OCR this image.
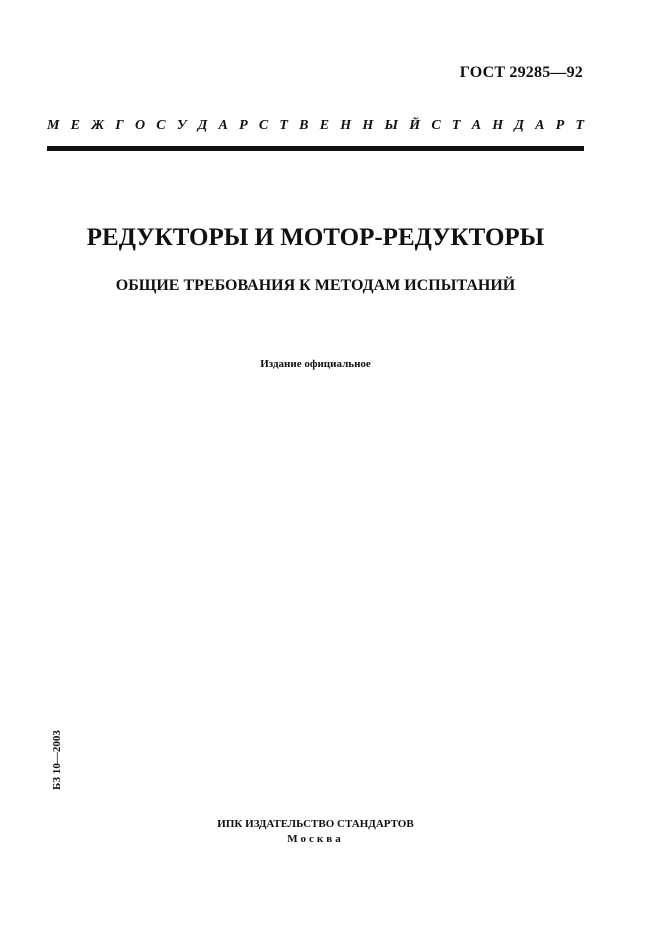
ГОСТ 29285—92
М Е Ж Г О С У Д А Р С Т В Е Н Н Ы Й С Т А Н Д А Р Т
РЕДУКТОРЫ И МОТОР-РЕДУКТОРЫ
ОБЩИЕ ТРЕБОВАНИЯ К МЕТОДАМ ИСПЫТАНИЙ
Издание официальное
БЗ 10—2003
ИПК ИЗДАТЕЛЬСТВО СТАНДАРТОВ
Москва
